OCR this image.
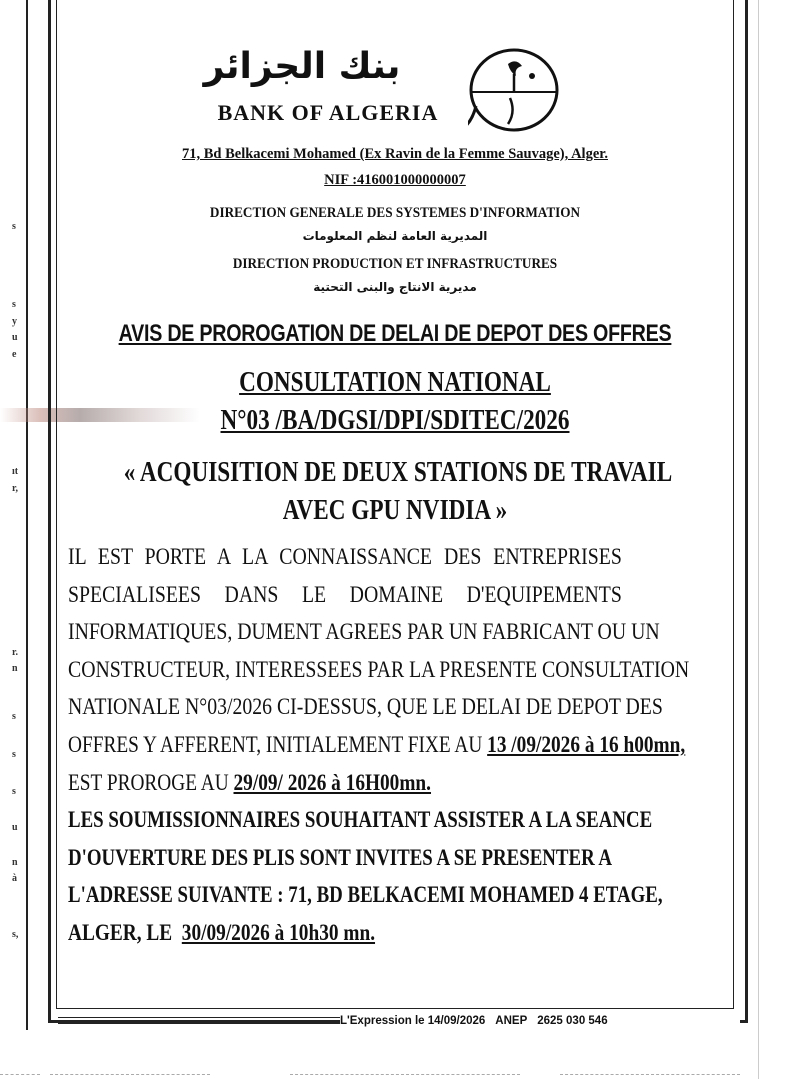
s
s
y
u
e
ıt
r,
r.
n
s
s
s
u
n
à
s,
بنك الجزائر
BANK OF ALGERIA
71, Bd Belkacemi Mohamed (Ex Ravin de la Femme Sauvage), Alger.
NIF :416001000000007
DIRECTION GENERALE DES SYSTEMES D'INFORMATION
المديرية العامة لنظم المعلومات
DIRECTION PRODUCTION ET INFRASTRUCTURES
مديرية الانتاج والبنى التحتية
AVIS DE PROROGATION DE DELAI DE DEPOT DES OFFRES
CONSULTATION NATIONAL
N°03 /BA/DGSI/DPI/SDITEC/2026
« ACQUISITION DE DEUX STATIONS DE TRAVAIL
AVEC GPU NVIDIA »
IL EST PORTE A LA CONNAISSANCE DES ENTREPRISES
SPECIALISEES DANS LE DOMAINE D'EQUIPEMENTS
INFORMATIQUES, DUMENT AGREES PAR UN FABRICANT OU UN
CONSTRUCTEUR, INTERESSEES PAR LA PRESENTE CONSULTATION
NATIONALE N°03/2026 CI-DESSUS, QUE LE DELAI DE DEPOT DES
OFFRES Y AFFERENT, INITIALEMENT FIXE AU 13 /09/2026 à 16 h00mn,
EST PROROGE AU 29/09/ 2026 à 16H00mn.
LES SOUMISSIONNAIRES SOUHAITANT ASSISTER A LA SEANCE
D'OUVERTURE DES PLIS SONT INVITES A SE PRESENTER A
L'ADRESSE SUIVANTE : 71, BD BELKACEMI MOHAMED 4 ETAGE,
ALGER, LE 30/09/2026 à 10h30 mn.
L'Expression le 14/09/2026 ANEP 2625 030 546
